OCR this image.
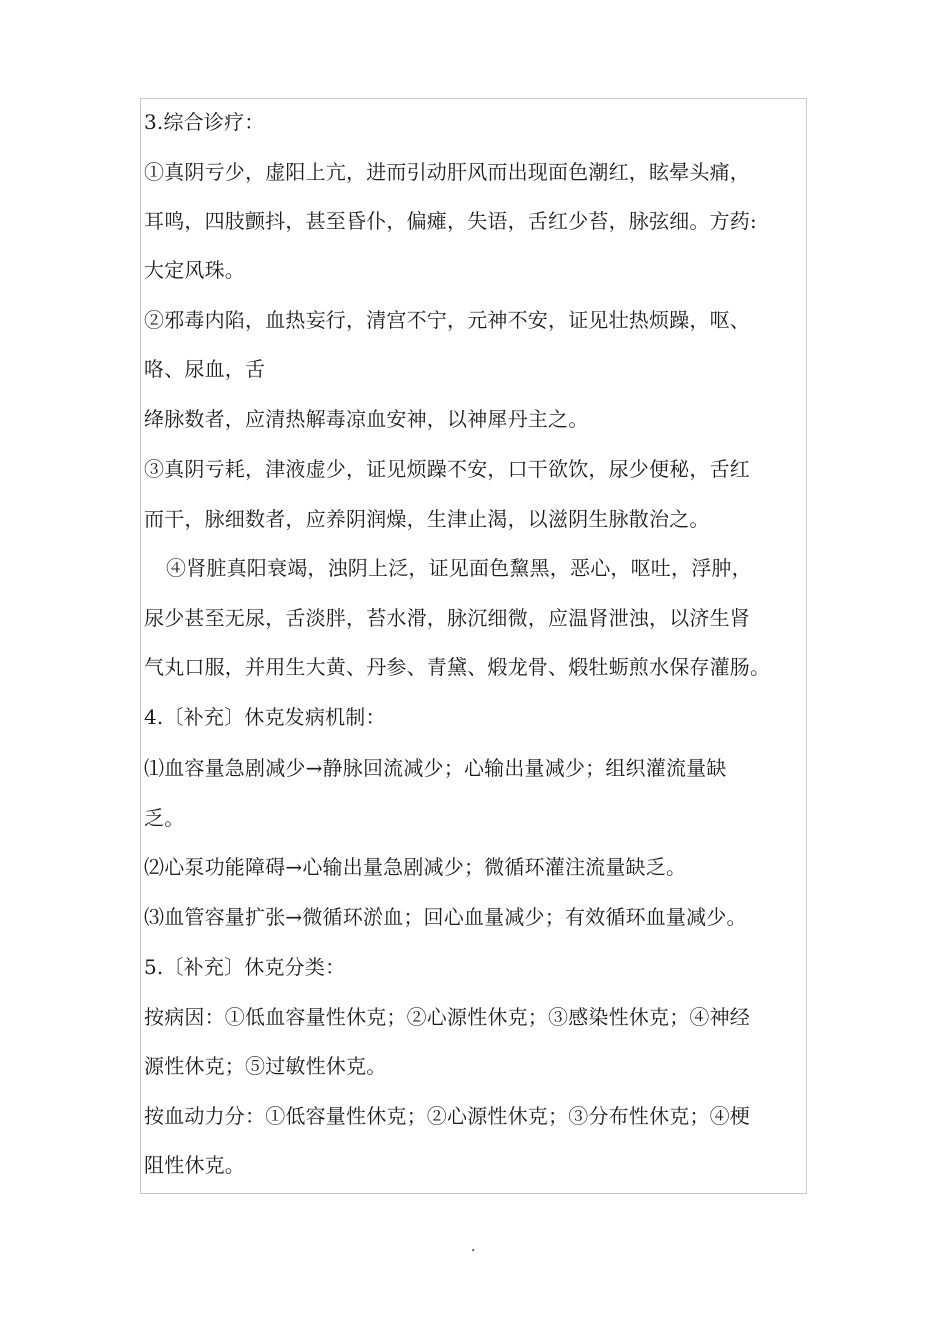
3.综合诊疗：
①真阴亏少，虚阳上亢，进而引动肝风而出现面色潮红，眩晕头痛，
耳鸣，四肢颤抖，甚至昏仆，偏瘫，失语，舌红少苔，脉弦细。方药:
大定风珠。
②邪毒内陷，血热妄行，清宫不宁，元神不安，证见壮热烦躁，呕、
咯、尿血，舌
绛脉数者，应清热解毒凉血安神，以神犀丹主之。
③真阴亏耗，津液虚少，证见烦躁不安，口干欲饮，尿少便秘，舌红
而干，脉细数者，应养阴润燥，生津止渴，以滋阴生脉散治之。
④肾脏真阳衰竭，浊阴上泛，证见面色黧黑，恶心，呕吐，浮肿，
尿少甚至无尿，舌淡胖，苔水滑，脉沉细微，应温肾泄浊，以济生肾
气丸口服，并用生大黄、丹参、青黛、煅龙骨、煅牡蛎煎水保存灌肠。
4.〔补充〕休克发病机制：
⑴血容量急剧减少→静脉回流减少；心输出量减少；组织灌流量缺
乏。
⑵心泵功能障碍→心输出量急剧减少；微循环灌注流量缺乏。
⑶血管容量扩张→微循环淤血；回心血量减少；有效循环血量减少。
5.〔补充〕休克分类：
按病因：①低血容量性休克；②心源性休克；③感染性休克；④神经
源性休克；⑤过敏性休克。
按血动力分：①低容量性休克；②心源性休克；③分布性休克；④梗
阻性休克。
.
